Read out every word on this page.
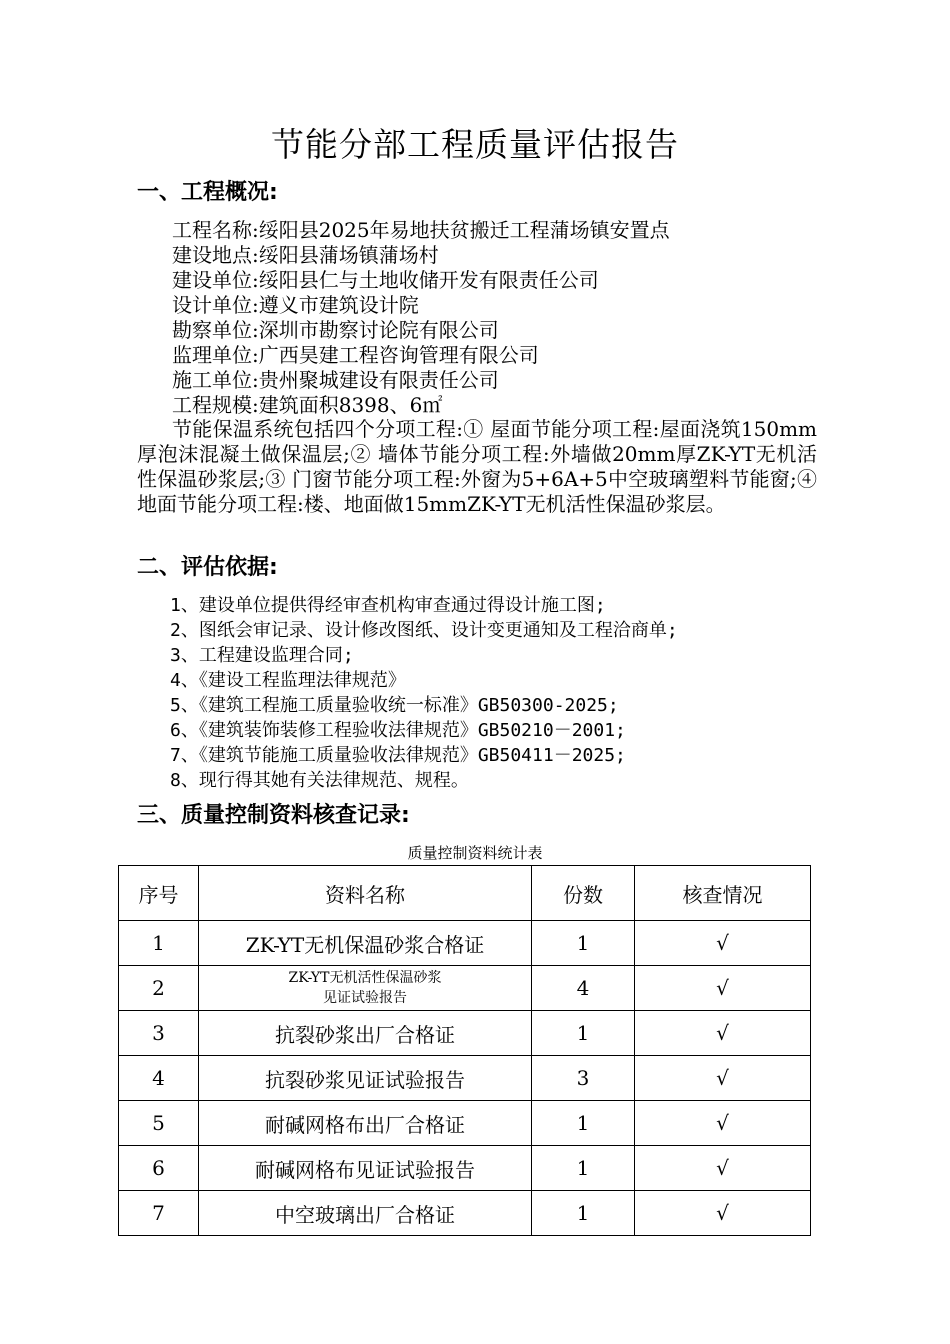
节能分部工程质量评估报告
一、工程概况:
工程名称:绥阳县2025年易地扶贫搬迁工程蒲场镇安置点
建设地点:绥阳县蒲场镇蒲场村
建设单位:绥阳县仁与土地收储开发有限责任公司
设计单位:遵义市建筑设计院
勘察单位:深圳市勘察讨论院有限公司
监理单位:广西昊建工程咨询管理有限公司
施工单位:贵州聚城建设有限责任公司
工程规模:建筑面积8398、6㎡
节能保温系统包括四个分项工程:① 屋面节能分项工程:屋面浇筑150mm厚泡沫混凝土做保温层;② 墙体节能分项工程:外墙做20mm厚ZK-YT无机活性保温砂浆层;③ 门窗节能分项工程:外窗为5+6A+5中空玻璃塑料节能窗;④ 地面节能分项工程:楼、地面做15mmZK-YT无机活性保温砂浆层。
二、评估依据:
1、建设单位提供得经审查机构审查通过得设计施工图;
2、图纸会审记录、设计修改图纸、设计变更通知及工程洽商单;
3、工程建设监理合同;
4、《建设工程监理法律规范》
5、《建筑工程施工质量验收统一标准》GB50300-2025;
6、《建筑装饰装修工程验收法律规范》GB50210－2001;
7、《建筑节能施工质量验收法律规范》GB50411－2025;
8、现行得其她有关法律规范、规程。
三、质量控制资料核查记录:
质量控制资料统计表
序号	资料名称	份数	核查情况
1	ZK-YT无机保温砂浆合格证	1	√
2	ZK-YT无机活性保温砂浆
见证试验报告	4	√
3	抗裂砂浆出厂合格证	1	√
4	抗裂砂浆见证试验报告	3	√
5	耐碱网格布出厂合格证	1	√
6	耐碱网格布见证试验报告	1	√
7	中空玻璃出厂合格证	1	√
